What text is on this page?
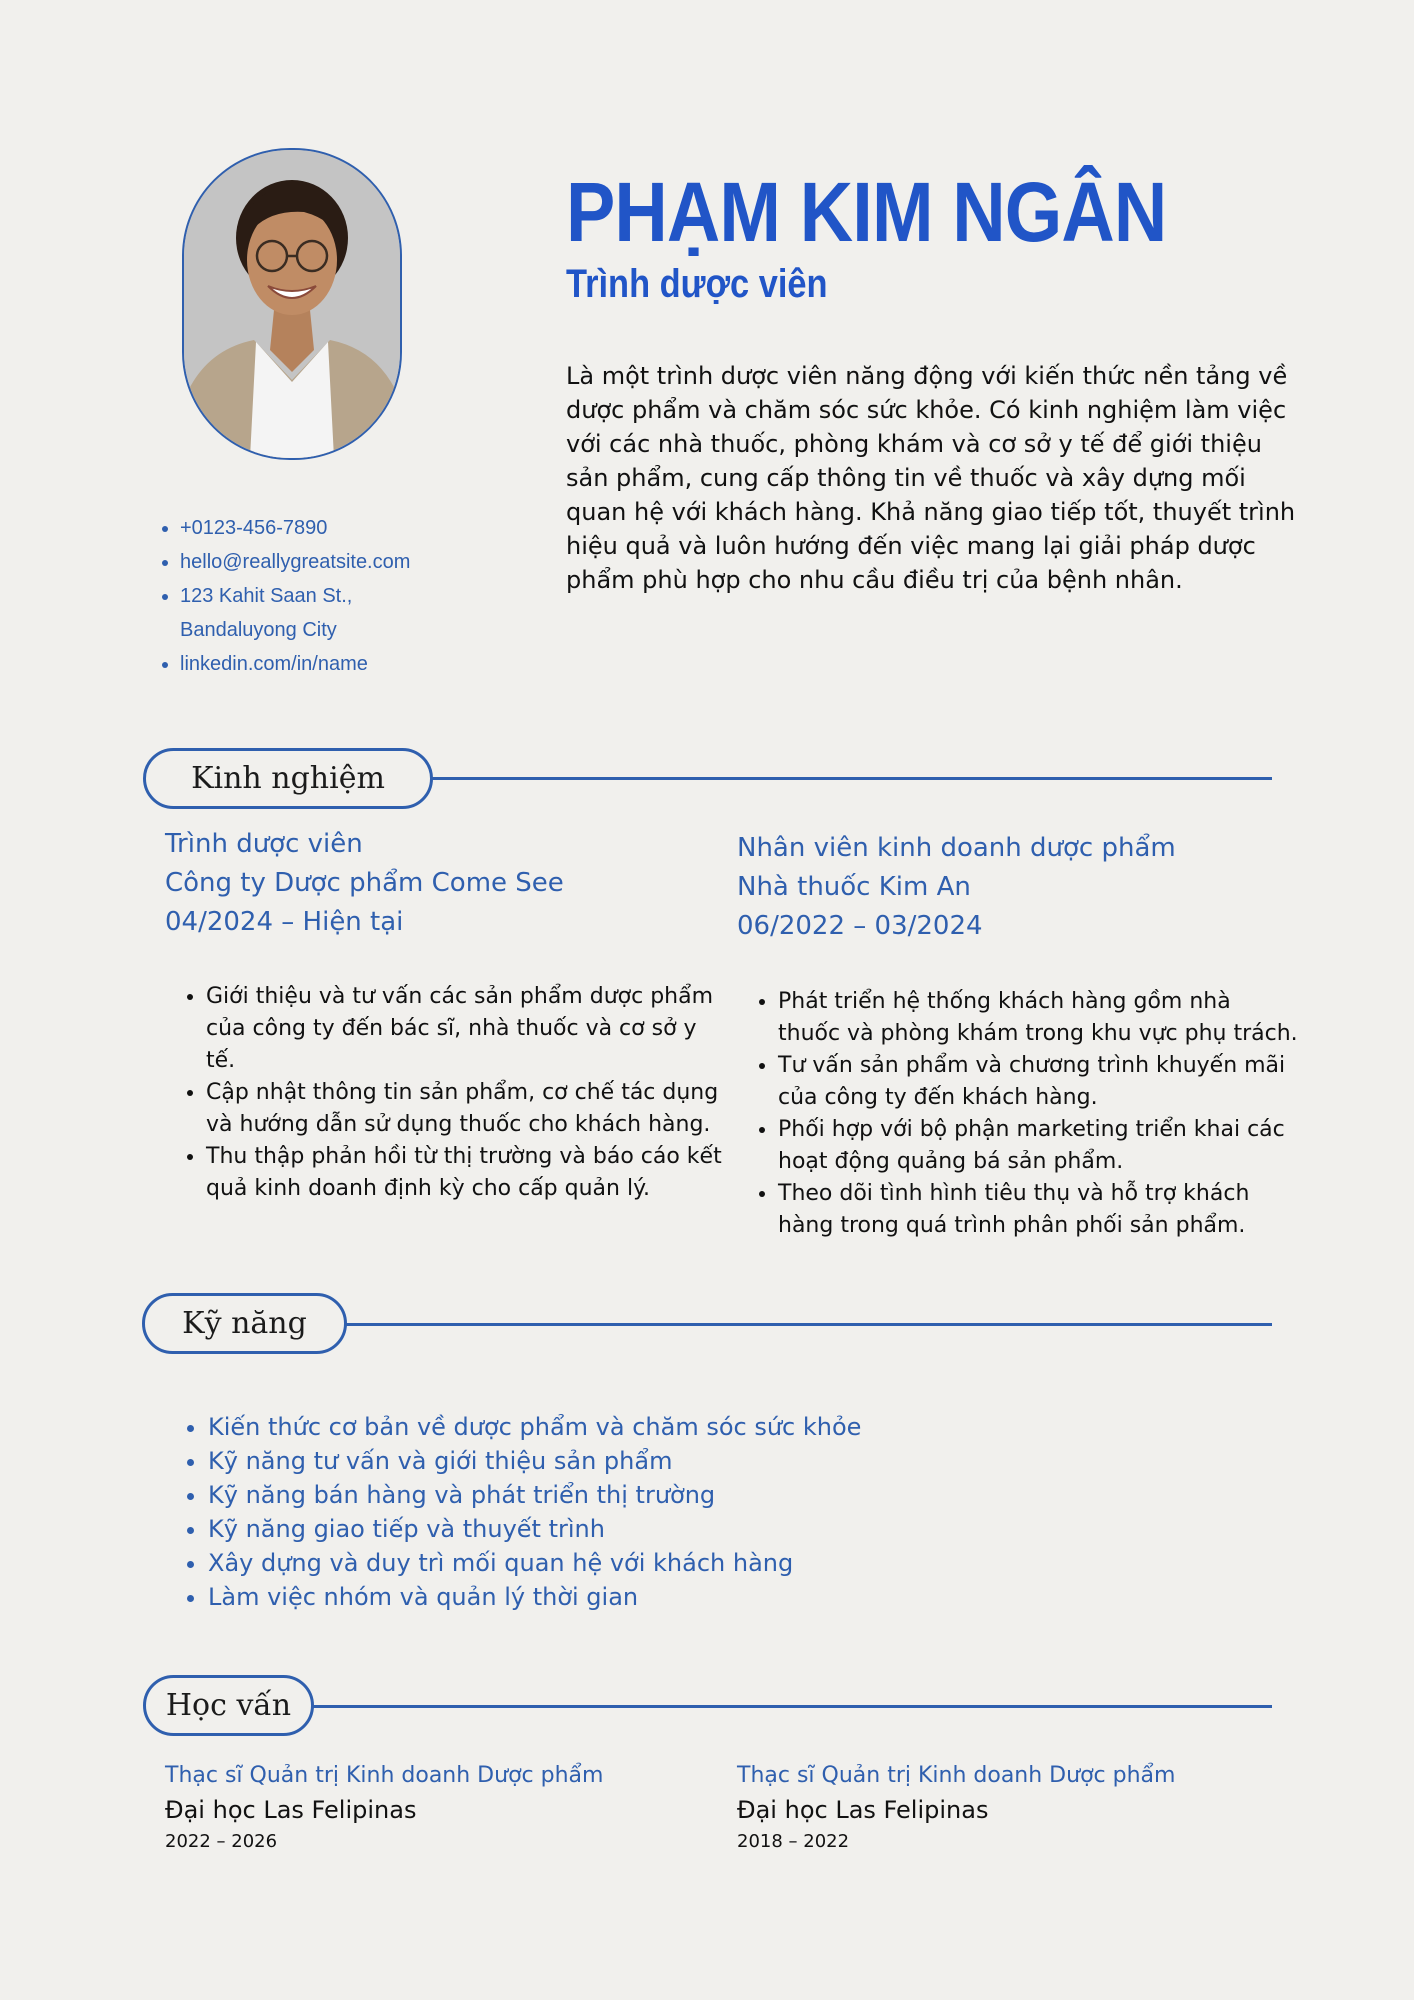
PHẠM KIM NGÂN
Trình dược viên
Là một trình dược viên năng động với kiến thức nền tảng về dược phẩm và chăm sóc sức khỏe. Có kinh nghiệm làm việc với các nhà thuốc, phòng khám và cơ sở y tế để giới thiệu sản phẩm, cung cấp thông tin về thuốc và xây dựng mối quan hệ với khách hàng. Khả năng giao tiếp tốt, thuyết trình hiệu quả và luôn hướng đến việc mang lại giải pháp dược phẩm phù hợp cho nhu cầu điều trị của bệnh nhân.
• +0123-456-7890
• hello@reallygreatsite.com
• 123 Kahit Saan St.,
Bandaluyong City
• linkedin.com/in/name
Kinh nghiệm
Trình dược viên
Công ty Dược phẩm Come See
04/2024 – Hiện tại
• Giới thiệu và tư vấn các sản phẩm dược phẩm của công ty đến bác sĩ, nhà thuốc và cơ sở y tế.
• Cập nhật thông tin sản phẩm, cơ chế tác dụng và hướng dẫn sử dụng thuốc cho khách hàng.
• Thu thập phản hồi từ thị trường và báo cáo kết quả kinh doanh định kỳ cho cấp quản lý.
Nhân viên kinh doanh dược phẩm
Nhà thuốc Kim An
06/2022 – 03/2024
• Phát triển hệ thống khách hàng gồm nhà thuốc và phòng khám trong khu vực phụ trách.
• Tư vấn sản phẩm và chương trình khuyến mãi của công ty đến khách hàng.
• Phối hợp với bộ phận marketing triển khai các hoạt động quảng bá sản phẩm.
• Theo dõi tình hình tiêu thụ và hỗ trợ khách hàng trong quá trình phân phối sản phẩm.
Kỹ năng
• Kiến thức cơ bản về dược phẩm và chăm sóc sức khỏe
• Kỹ năng tư vấn và giới thiệu sản phẩm
• Kỹ năng bán hàng và phát triển thị trường
• Kỹ năng giao tiếp và thuyết trình
• Xây dựng và duy trì mối quan hệ với khách hàng
• Làm việc nhóm và quản lý thời gian
Học vấn
Thạc sĩ Quản trị Kinh doanh Dược phẩm
Đại học Las Felipinas
2022 – 2026
Thạc sĩ Quản trị Kinh doanh Dược phẩm
Đại học Las Felipinas
2018 – 2022
